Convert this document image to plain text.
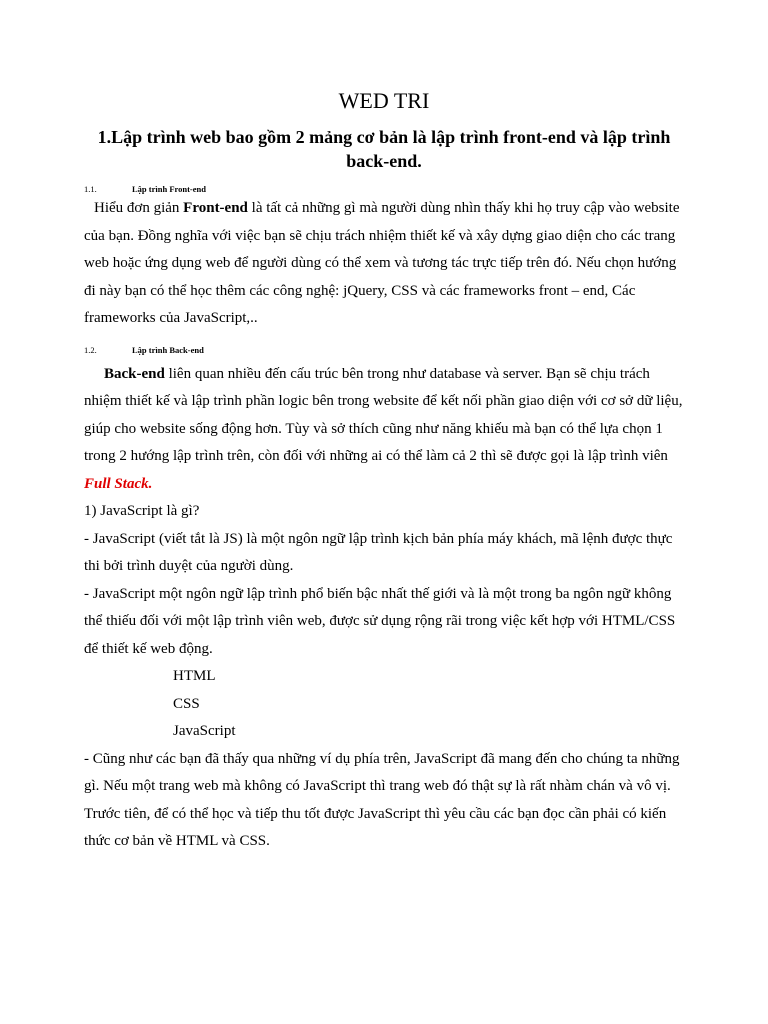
WED TRI
1.Lập trình web bao gồm 2 mảng cơ bản là lập trình front-end và lập trình back-end.
1.1.	Lập trình Front-end

Hiểu đơn giản Front-end là tất cả những gì mà người dùng nhìn thấy khi họ truy cập vào website của bạn. Đồng nghĩa với việc bạn sẽ chịu trách nhiệm thiết kế và xây dựng giao diện cho các trang web hoặc ứng dụng web để người dùng có thể xem và tương tác trực tiếp trên đó. Nếu chọn hướng đi này bạn có thể học thêm các công nghệ: jQuery, CSS và các frameworks front – end, Các frameworks của JavaScript,..

1.2.	Lập trình Back-end

Back-end liên quan nhiều đến cấu trúc bên trong như database và server. Bạn sẽ chịu trách nhiệm thiết kế và lập trình phần logic bên trong website để kết nối phần giao diện với cơ sở dữ liệu, giúp cho website sống động hơn. Tùy và sở thích cũng như năng khiếu mà bạn có thể lựa chọn 1 trong 2 hướng lập trình trên, còn đối với những ai có thể làm cả 2 thì sẽ được gọi là lập trình viên Full Stack.

1) JavaScript là gì?

- JavaScript (viết tắt là JS) là một ngôn ngữ lập trình kịch bản phía máy khách, mã lệnh được thực thi bởi trình duyệt của người dùng.

- JavaScript một ngôn ngữ lập trình phổ biến bậc nhất thế giới và là một trong ba ngôn ngữ không thể thiếu đối với một lập trình viên web, được sử dụng rộng rãi trong việc kết hợp với HTML/CSS để thiết kế web động.

HTML

CSS

JavaScript

- Cũng như các bạn đã thấy qua những ví dụ phía trên, JavaScript đã mang đến cho chúng ta những gì. Nếu một trang web mà không có JavaScript thì trang web đó thật sự là rất nhàm chán và vô vị.

Trước tiên, để có thể học và tiếp thu tốt được JavaScript thì yêu cầu các bạn đọc cần phải có kiến thức cơ bản về HTML và CSS.
